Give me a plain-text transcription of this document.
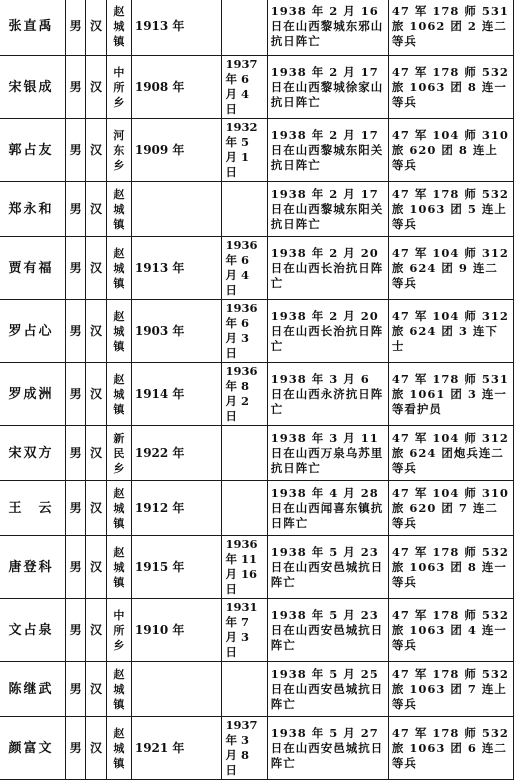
张直禹	男	汉	赵城镇	1913 年		1938 年 2 月 16 日在山西黎城东邪山抗日阵亡	47 军 178 师 531 旅 1062 团 2 连二等兵
宋银成	男	汉	中所乡	1908 年	1937 年 6 月 4 日	1938 年 2 月 17 日在山西黎城徐家山抗日阵亡	47 军 178 师 532 旅 1063 团 8 连一等兵
郭占友	男	汉	河东乡	1909 年	1932 年 5 月 1 日	1938 年 2 月 17 日在山西黎城东阳关抗日阵亡	47 军 104 师 310 旅 620 团 8 连上等兵
郑永和	男	汉	赵城镇			1938 年 2 月 17 日在山西黎城东阳关抗日阵亡	47 军 178 师 532 旅 1063 团 5 连上等兵
贾有福	男	汉	赵城镇	1913 年	1936 年 6 月 4 日	1938 年 2 月 20 日在山西长治抗日阵亡	47 军 104 师 312 旅 624 团 9 连二等兵
罗占心	男	汉	赵城镇	1903 年	1936 年 6 月 3 日	1938 年 2 月 20 日在山西长治抗日阵亡	47 军 104 师 312 旅 624 团 3 连下士
罗成洲	男	汉	赵城镇	1914 年	1936 年 8 月 2 日	1938 年 3 月 6 日在山西永济抗日阵亡	47 军 178 师 531 旅 1061 团 3 连一等看护员
宋双方	男	汉	新民乡	1922 年		1938 年 3 月 11 日在山西万泉乌苏里抗日阵亡	47 军 104 师 312 旅 624 团炮兵连二等兵
王　云	男	汉	赵城镇	1912 年		1938 年 4 月 28 日在山西闻喜东镇抗日阵亡	47 军 104 师 310 旅 620 团 7 连二等兵
唐登科	男	汉	赵城镇	1915 年	1936 年 11 月 16 日	1938 年 5 月 23 日在山西安邑城抗日阵亡	47 军 178 师 532 旅 1063 团 8 连一等兵
文占泉	男	汉	中所乡	1910 年	1931 年 7 月 3 日	1938 年 5 月 23 日在山西安邑城抗日阵亡	47 军 178 师 532 旅 1063 团 4 连一等兵
陈继武	男	汉	赵城镇			1938 年 5 月 25 日在山西安邑城抗日阵亡	47 军 178 师 532 旅 1063 团 7 连上等兵
颜富文	男	汉	赵城镇	1921 年	1937 年 3 月 8 日	1938 年 5 月 27 日在山西安邑城抗日阵亡	47 军 178 师 532 旅 1063 团 6 连二等兵
